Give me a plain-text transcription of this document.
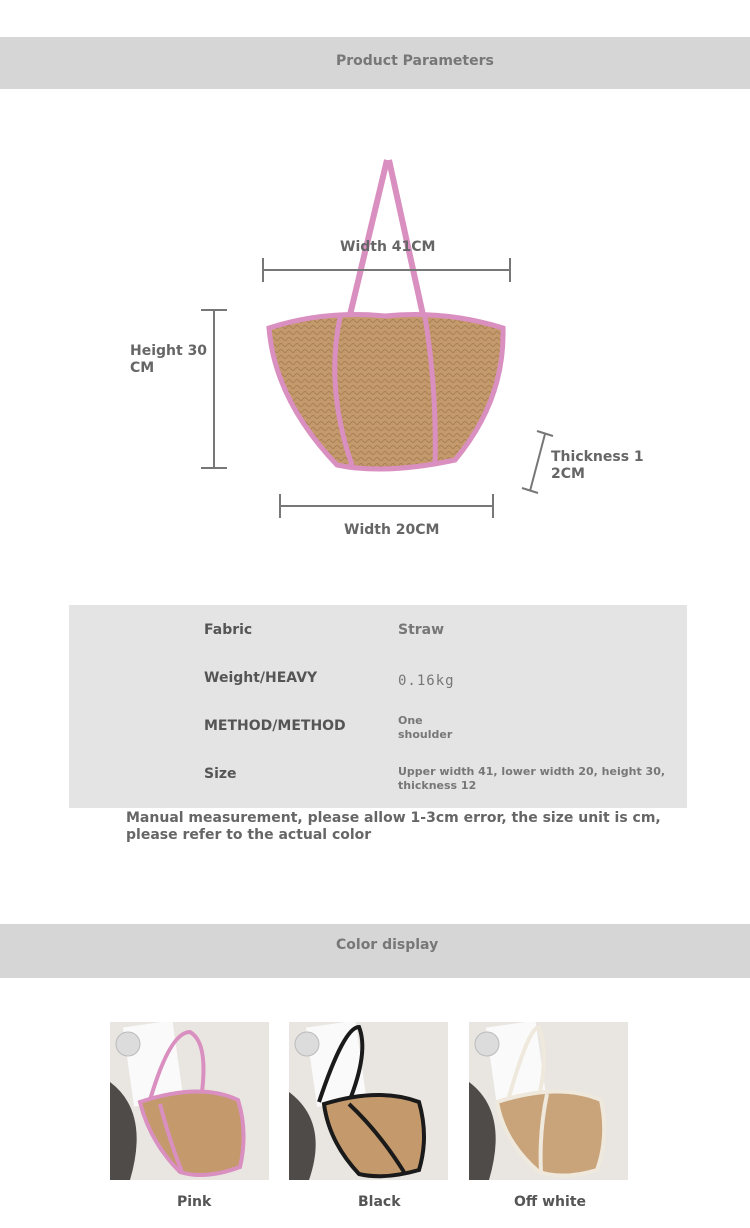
Product Parameters
Width 41CM
Height 30
CM
Thickness 1
2CM
Width 20CM
Fabric	Straw
Weight/HEAVY	0.16kg
METHOD/METHOD	One
shoulder
Size	Upper width 41, lower width 20, height 30,
thickness 12
Manual measurement, please allow 1-3cm error, the size unit is cm,
please refer to the actual color
Color display
Pink	Black	Off white
